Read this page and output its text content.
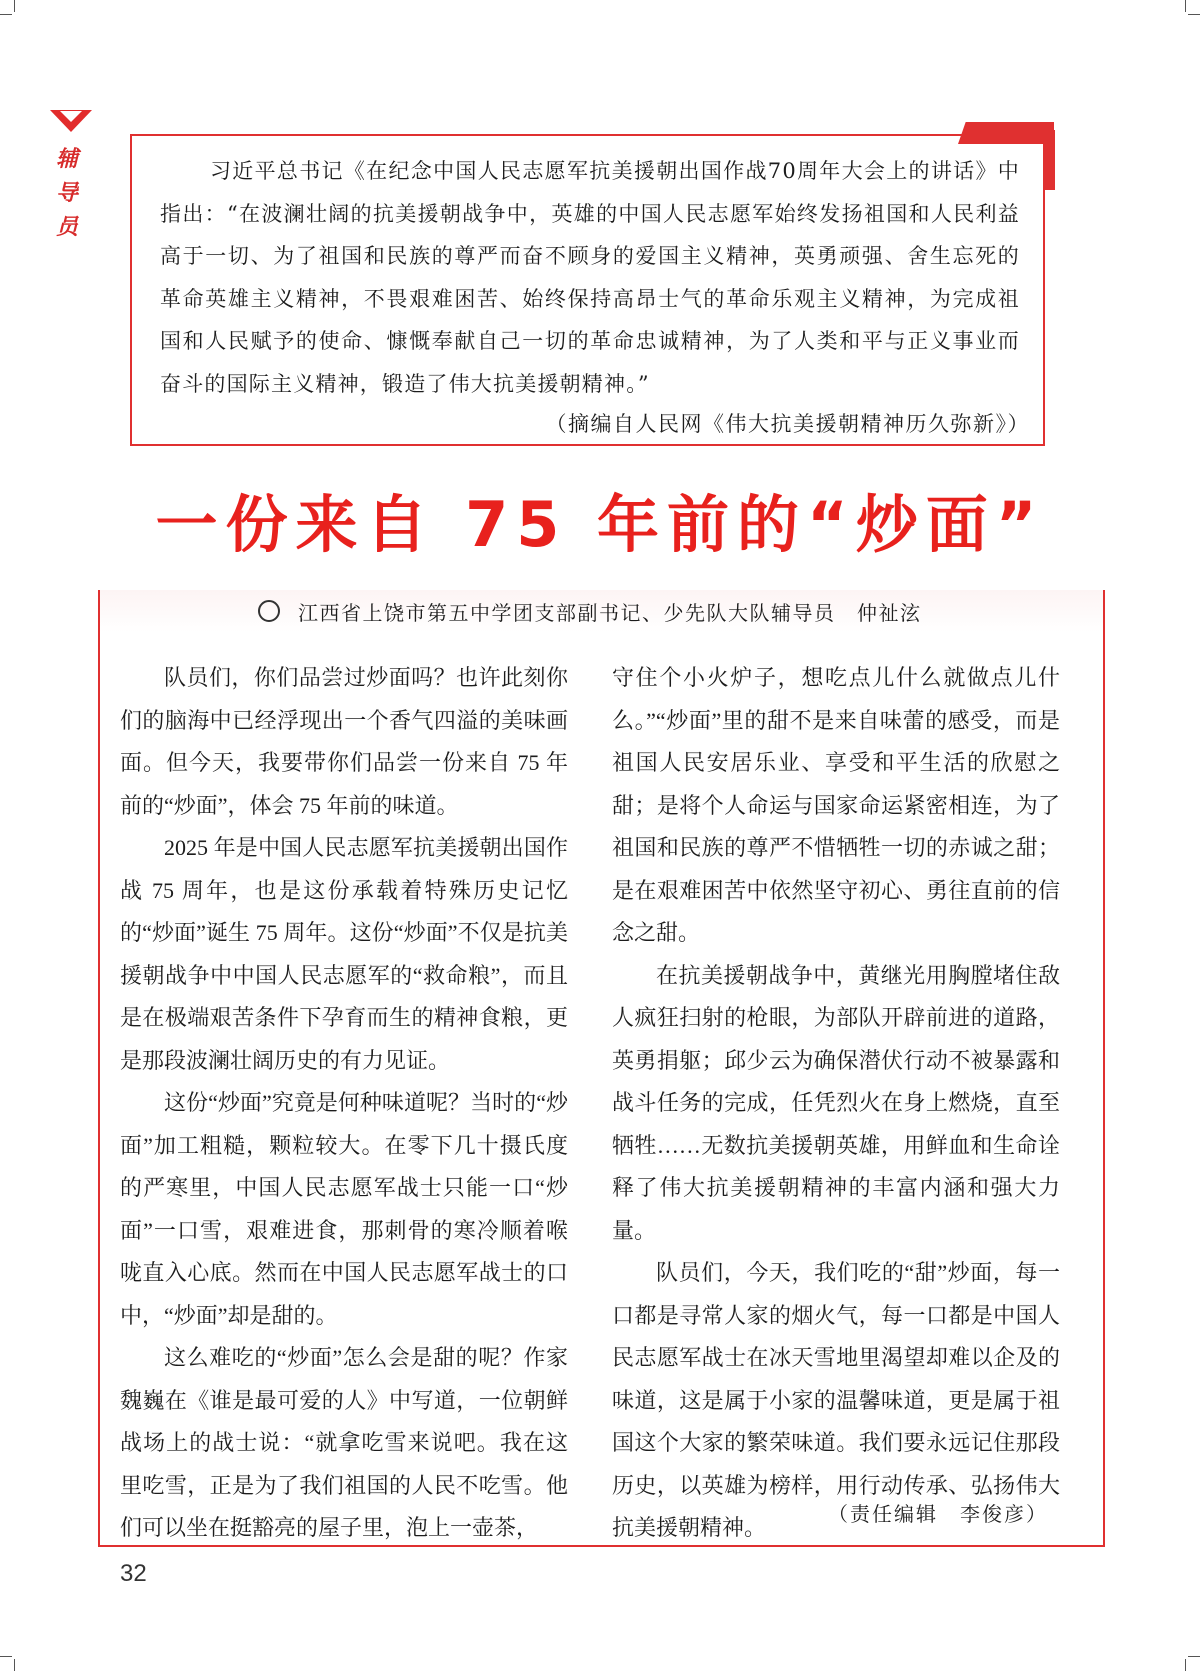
辅导员

习近平总书记《在纪念中国人民志愿军抗美援朝出国作战70周年大会上的讲话》中指出：“在波澜壮阔的抗美援朝战争中，英雄的中国人民志愿军始终发扬祖国和人民利益高于一切、为了祖国和民族的尊严而奋不顾身的爱国主义精神，英勇顽强、舍生忘死的革命英雄主义精神，不畏艰难困苦、始终保持高昂士气的革命乐观主义精神，为完成祖国和人民赋予的使命、慷慨奉献自己一切的革命忠诚精神，为了人类和平与正义事业而奋斗的国际主义精神，锻造了伟大抗美援朝精神。”

（摘编自人民网《伟大抗美援朝精神历久弥新》）

一份来自 75 年前的“炒面”
江西省上饶市第五中学团支部副书记、少先队大队辅导员　仲祉泫

队员们，你们品尝过炒面吗？也许此刻你们的脑海中已经浮现出一个香气四溢的美味画面。但今天，我要带你们品尝一份来自 75 年前的“炒面”，体会 75 年前的味道。

2025 年是中国人民志愿军抗美援朝出国作战 75 周年，也是这份承载着特殊历史记忆的“炒面”诞生 75 周年。这份“炒面”不仅是抗美援朝战争中中国人民志愿军的“救命粮”，而且是在极端艰苦条件下孕育而生的精神食粮，更是那段波澜壮阔历史的有力见证。

这份“炒面”究竟是何种味道呢？当时的“炒面”加工粗糙，颗粒较大。在零下几十摄氏度的严寒里，中国人民志愿军战士只能一口“炒面”一口雪，艰难进食，那刺骨的寒冷顺着喉咙直入心底。然而在中国人民志愿军战士的口中，“炒面”却是甜的。

这么难吃的“炒面”怎么会是甜的呢？作家魏巍在《谁是最可爱的人》中写道，一位朝鲜战场上的战士说：“就拿吃雪来说吧。我在这里吃雪，正是为了我们祖国的人民不吃雪。他们可以坐在挺豁亮的屋子里，泡上一壶茶，

守住个小火炉子，想吃点儿什么就做点儿什么。”“炒面”里的甜不是来自味蕾的感受，而是祖国人民安居乐业、享受和平生活的欣慰之甜；是将个人命运与国家命运紧密相连，为了祖国和民族的尊严不惜牺牲一切的赤诚之甜；是在艰难困苦中依然坚守初心、勇往直前的信念之甜。

在抗美援朝战争中，黄继光用胸膛堵住敌人疯狂扫射的枪眼，为部队开辟前进的道路，英勇捐躯；邱少云为确保潜伏行动不被暴露和战斗任务的完成，任凭烈火在身上燃烧，直至牺牲……无数抗美援朝英雄，用鲜血和生命诠释了伟大抗美援朝精神的丰富内涵和强大力量。

队员们，今天，我们吃的“甜”炒面，每一口都是寻常人家的烟火气，每一口都是中国人民志愿军战士在冰天雪地里渴望却难以企及的味道，这是属于小家的温馨味道，更是属于祖国这个大家的繁荣味道。我们要永远记住那段历史，以英雄为榜样，用行动传承、弘扬伟大抗美援朝精神。

（责任编辑　李俊彦）

32
